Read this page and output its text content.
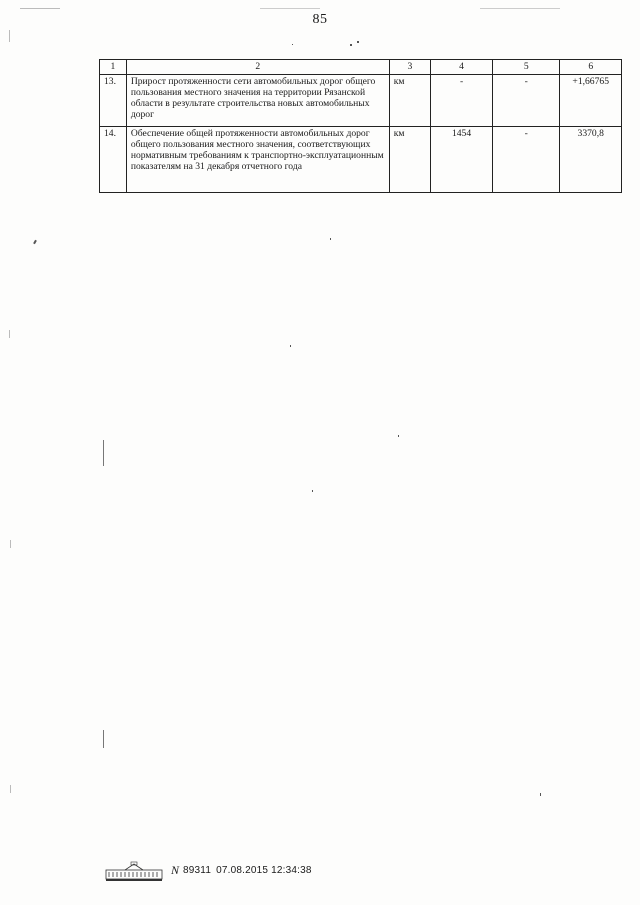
85
1	2	3	4	5	6
13.	Прирост протяженности сети автомобильных дорог общего пользования местного значения на территории Рязанской области в результате строительства новых автомобильных дорог	км	-	-	+1,66765
14.	Обеспечение общей протяженности автомобильных дорог общего пользования местного значения, соответствующих нормативным требованиям к транспортно-эксплуатационным показателям на 31 декабря отчетного года	км	1454	-	3370,8
N 89311 07.08.2015 12:34:38
